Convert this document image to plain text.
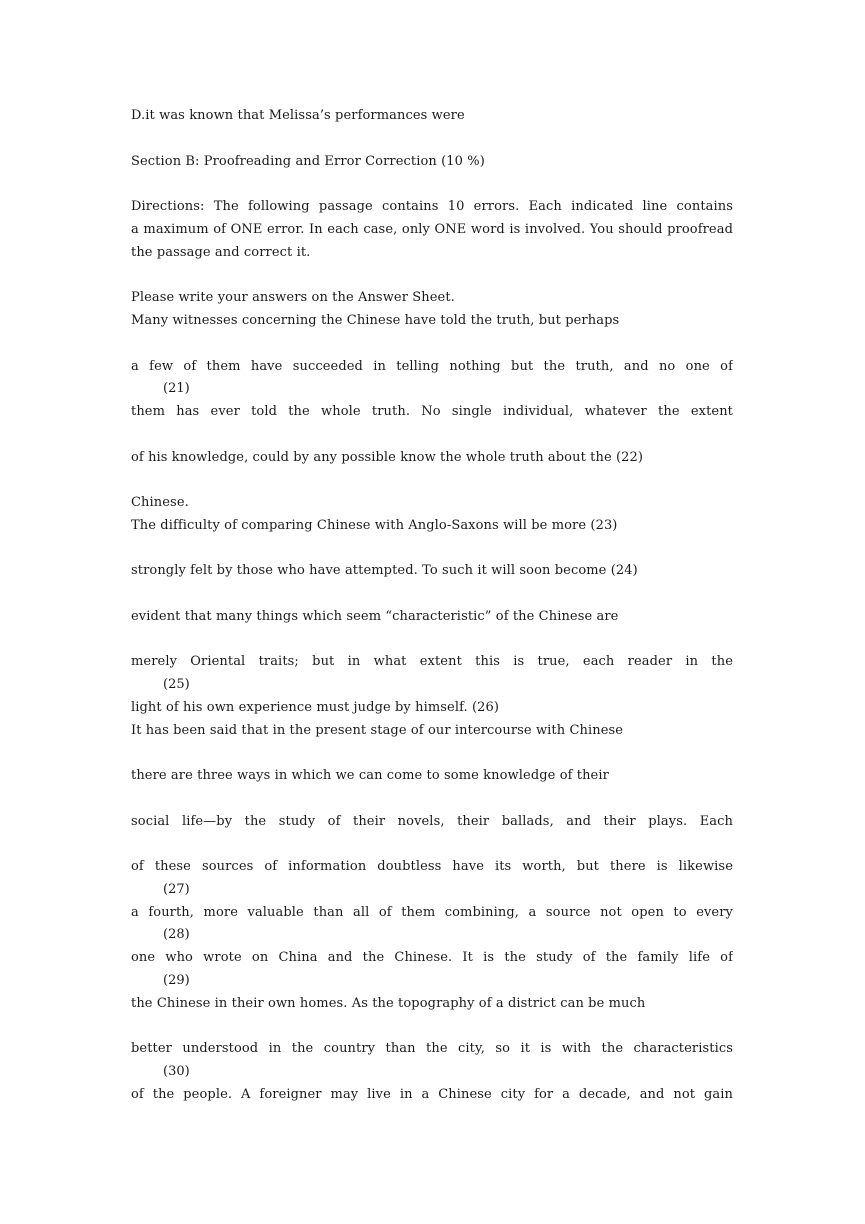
D.it was known that Melissa’s performances were
Section B: Proofreading and Error Correction (10 %)
Directions: The following passage contains 10 errors. Each indicated line contains
a maximum of ONE error. In each case, only ONE word is involved. You should proofread
the passage and correct it.
Please write your answers on the Answer Sheet.
Many witnesses concerning the Chinese have told the truth, but perhaps
a few of them have succeeded in telling nothing but the truth, and no one of
(21)
them has ever told the whole truth. No single individual, whatever the extent
of his knowledge, could by any possible know the whole truth about the (22)
Chinese.
The difficulty of comparing Chinese with Anglo-Saxons will be more (23)
strongly felt by those who have attempted. To such it will soon become (24)
evident that many things which seem “characteristic” of the Chinese are
merely Oriental traits; but in what extent this is true, each reader in the
(25)
light of his own experience must judge by himself. (26)
It has been said that in the present stage of our intercourse with Chinese
there are three ways in which we can come to some knowledge of their
social life—by the study of their novels, their ballads, and their plays. Each
of these sources of information doubtless have its worth, but there is likewise
(27)
a fourth, more valuable than all of them combining, a source not open to every
(28)
one who wrote on China and the Chinese. It is the study of the family life of
(29)
the Chinese in their own homes. As the topography of a district can be much
better understood in the country than the city, so it is with the characteristics
(30)
of the people. A foreigner may live in a Chinese city for a decade, and not gain
